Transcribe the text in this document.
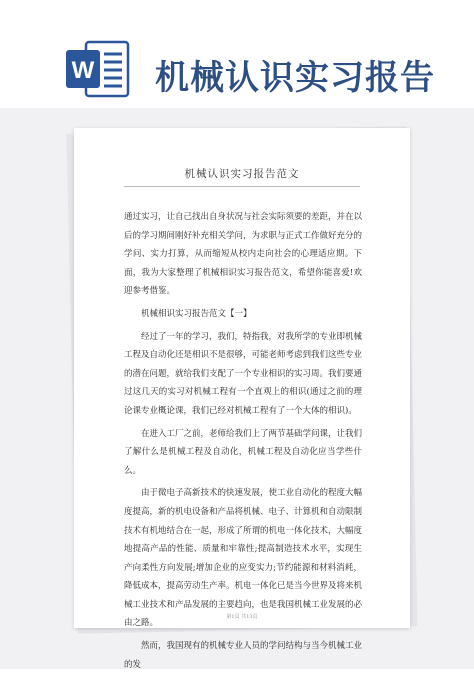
W 机械认识实习报告
机械认识实习报告范文

通过实习，让自己找出自身状况与社会实际须要的差距，并在以后的学习期间刚好补充相关学问，为求职与正式工作做好充分的学问、实力打算，从而缩短从校内走向社会的心理适应期。下面，我为大家整理了机械相识实习报告范文，希望你能喜爱!欢迎参考借鉴。

机械相识实习报告范文【一】

经过了一年的学习，我们，特指我，对我所学的专业即机械工程及自动化还是相识不是很够，可能老师考虑到我们这些专业的潜在问题，就给我们支配了一个专业相识的实习周。我们要通过这几天的实习对机械工程有一个直观上的相识(通过之前的理论课专业概论课，我们已经对机械工程有了一个大体的相识)。

在进入工厂之前，老师给我们上了两节基础学问课，让我们了解什么是机械工程及自动化，机械工程及自动化应当学些什么。

由于微电子高新技术的快速发展，使工业自动化的程度大幅度提高，新的机电设备和产品将机械、电子、计算机和自动限制技术有机地结合在一起，形成了所谓的机电一体化技术，大幅度地提高产品的性能、质量和牢靠性;提高制造技术水平，实现生产向柔性方向发展;增加企业的应变实力;节约能源和材料消耗，降低成本，提高劳动生产率。机电一体化已是当今世界及将来机械工业技术和产品发展的主要趋向，也是我国机械工业发展的必由之路。

然而，我国现有的机械专业人员的学问结构与当今机械工业的发

第1页 共13页
